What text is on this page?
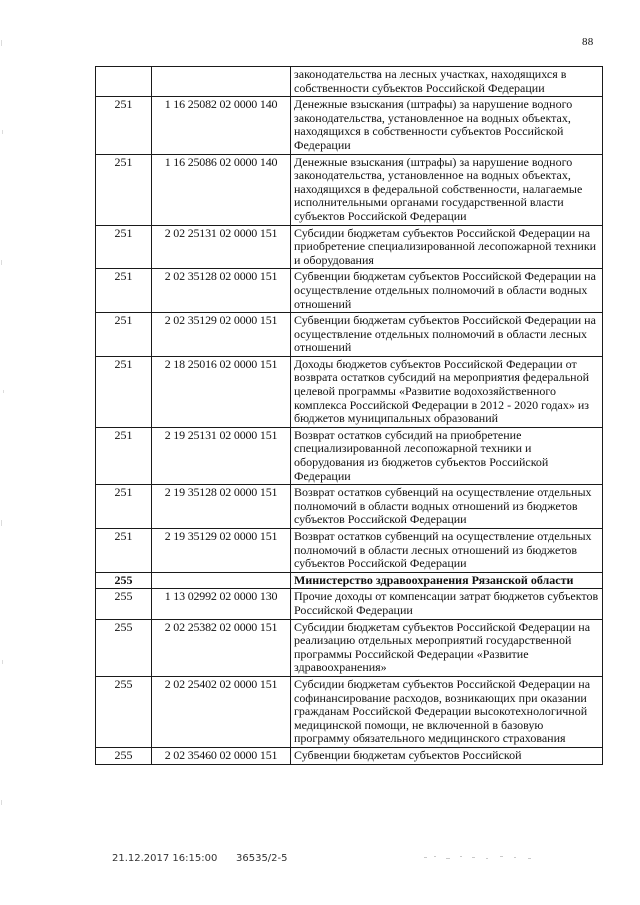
88
		законодательства на лесных участках, находящихся в собственности субъектов Российской Федерации
251	1 16 25082 02 0000 140	Денежные взыскания (штрафы) за нарушение водного законодательства, установленное на водных объектах, находящихся в собственности субъектов Российской Федерации
251	1 16 25086 02 0000 140	Денежные взыскания (штрафы) за нарушение водного законодательства, установленное на водных объектах, находящихся в федеральной собственности, налагаемые исполнительными органами государственной власти субъектов Российской Федерации
251	2 02 25131 02 0000 151	Субсидии бюджетам субъектов Российской Федерации на приобретение специализированной лесопожарной техники и оборудования
251	2 02 35128 02 0000 151	Субвенции бюджетам субъектов Российской Федерации на осуществление отдельных полномочий в области водных отношений
251	2 02 35129 02 0000 151	Субвенции бюджетам субъектов Российской Федерации на осуществление отдельных полномочий в области лесных отношений
251	2 18 25016 02 0000 151	Доходы бюджетов субъектов Российской Федерации от возврата остатков субсидий на мероприятия федеральной целевой программы «Развитие водохозяйственного комплекса Российской Федерации в 2012 - 2020 годах» из бюджетов муниципальных образований
251	2 19 25131 02 0000 151	Возврат остатков субсидий на приобретение специализированной лесопожарной техники и оборудования из бюджетов субъектов Российской Федерации
251	2 19 35128 02 0000 151	Возврат остатков субвенций на осуществление отдельных полномочий в области водных отношений из бюджетов субъектов Российской Федерации
251	2 19 35129 02 0000 151	Возврат остатков субвенций на осуществление отдельных полномочий в области лесных отношений из бюджетов субъектов Российской Федерации
255		Министерство здравоохранения Рязанской области
255	1 13 02992 02 0000 130	Прочие доходы от компенсации затрат бюджетов субъектов Российской Федерации
255	2 02 25382 02 0000 151	Субсидии бюджетам субъектов Российской Федерации на реализацию отдельных мероприятий государственной программы Российской Федерации «Развитие здравоохранения»
255	2 02 25402 02 0000 151	Субсидии бюджетам субъектов Российской Федерации на софинансирование расходов, возникающих при оказании гражданам Российской Федерации высокотехнологичной медицинской помощи, не включенной в базовую программу обязательного медицинского страхования
255	2 02 35460 02 0000 151	Субвенции бюджетам субъектов Российской
21.12.2017 16:15:00 36535/2-5
